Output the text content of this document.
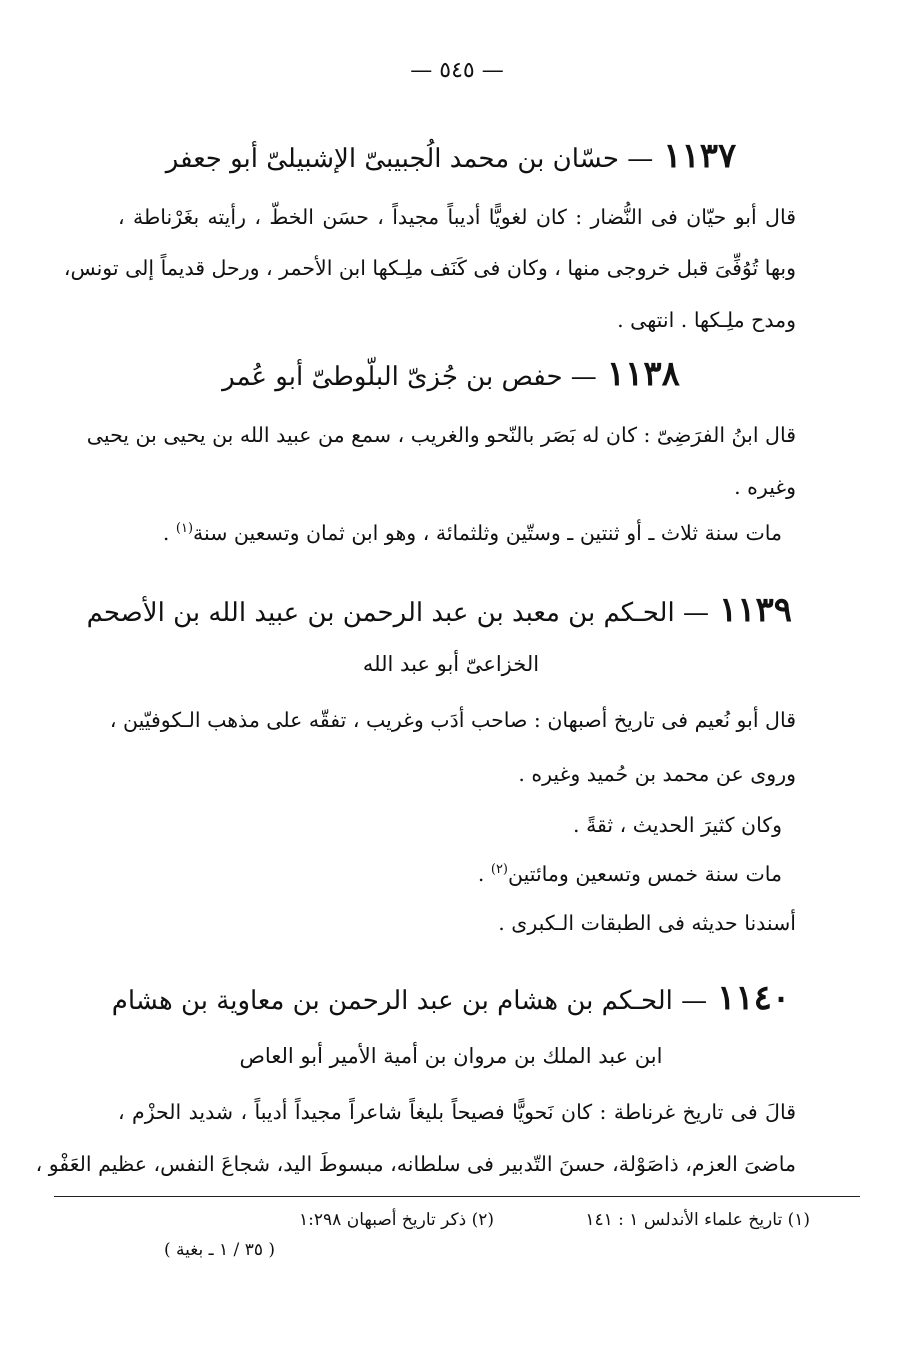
— ٥٤٥ —
١١٣٧— حسّان بن محمد الُجبيبىّ الإشبيلىّ أبو جعفر
قال أبو حيّان فى النُّضار : كان لغويًّا أديباً مجيداً ، حسَن الخطّ ، رأيته بغَرْناطة ،
وبها تُوُفِّىَ قبل خروجى منها ، وكان فى كَنَف ملِـكها ابن الأحمر ، ورحل قديماً إلى تونس،
ومدح ملِـكها . انتهى .
١١٣٨— حفص بن جُزىّ البلّوطىّ أبو عُمر
قال ابنُ الفرَضِىّ : كان له بَصَر بالنّحو والغريب ، سمع من عبيد الله بن يحيى بن يحيى
وغيره .
مات سنة ثلاث ـ أو ثنتين ـ وستّين وثلثمائة ، وهو ابن ثمان وتسعين سنة$^{(١)}$ .
١١٣٩— الحـكم بن معبد بن عبد الرحمن بن عبيد الله بن الأصحم
الخزاعىّ أبو عبد الله
قال أبو نُعيم فى تاريخ أصبهان : صاحب أدَب وغريب ، تفقّه على مذهب الـكوفيّين ،
وروى عن محمد بن حُميد وغيره .
وكان كثيرَ الحديث ، ثقةً .
مات سنة خمس وتسعين ومائتين$^{(٢)}$ .
أسندنا حديثه فى الطبقات الـكبرى .
١١٤٠— الحـكم بن هشام بن عبد الرحمن بن معاوية بن هشام
ابن عبد الملك بن مروان بن أمية الأمير أبو العاص
قالَ فى تاريخ غرناطة : كان نَحويًّا فصيحاً بليغاً شاعراً مجيداً أديباً ، شديد الحزْم ،
ماضىَ العزم، ذاصَوْلة، حسنَ التّدبير فى سلطانه، مبسوطَ اليد، شجاعَ النفس، عظيم العَفْو ،
(١) تاريخ علماء الأندلس ١ : ١٤١
(٢) ذكر تاريخ أصبهان ١:٢٩٨
( ٣٥ / ١ ـ بغية )
